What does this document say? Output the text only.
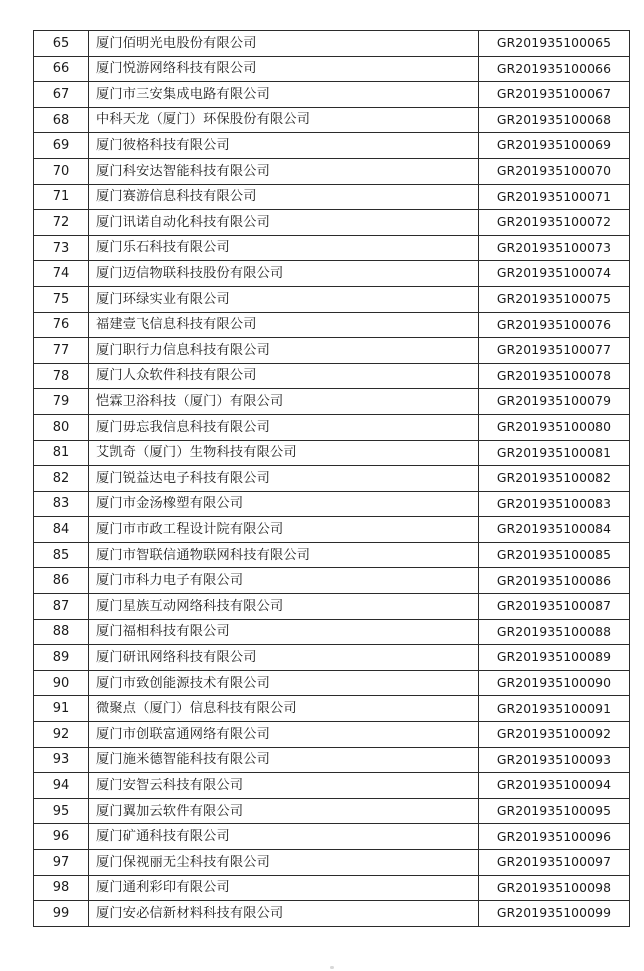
65	厦门佰明光电股份有限公司	GR201935100065
66	厦门悦游网络科技有限公司	GR201935100066
67	厦门市三安集成电路有限公司	GR201935100067
68	中科天龙（厦门）环保股份有限公司	GR201935100068
69	厦门彼格科技有限公司	GR201935100069
70	厦门科安达智能科技有限公司	GR201935100070
71	厦门赛游信息科技有限公司	GR201935100071
72	厦门讯诺自动化科技有限公司	GR201935100072
73	厦门乐石科技有限公司	GR201935100073
74	厦门迈信物联科技股份有限公司	GR201935100074
75	厦门环绿实业有限公司	GR201935100075
76	福建壹飞信息科技有限公司	GR201935100076
77	厦门职行力信息科技有限公司	GR201935100077
78	厦门人众软件科技有限公司	GR201935100078
79	恺霖卫浴科技（厦门）有限公司	GR201935100079
80	厦门毋忘我信息科技有限公司	GR201935100080
81	艾凯奇（厦门）生物科技有限公司	GR201935100081
82	厦门锐益达电子科技有限公司	GR201935100082
83	厦门市金汤橡塑有限公司	GR201935100083
84	厦门市市政工程设计院有限公司	GR201935100084
85	厦门市智联信通物联网科技有限公司	GR201935100085
86	厦门市科力电子有限公司	GR201935100086
87	厦门星族互动网络科技有限公司	GR201935100087
88	厦门福相科技有限公司	GR201935100088
89	厦门研讯网络科技有限公司	GR201935100089
90	厦门市致创能源技术有限公司	GR201935100090
91	微聚点（厦门）信息科技有限公司	GR201935100091
92	厦门市创联富通网络有限公司	GR201935100092
93	厦门施米德智能科技有限公司	GR201935100093
94	厦门安智云科技有限公司	GR201935100094
95	厦门翼加云软件有限公司	GR201935100095
96	厦门矿通科技有限公司	GR201935100096
97	厦门保视丽无尘科技有限公司	GR201935100097
98	厦门通利彩印有限公司	GR201935100098
99	厦门安必信新材料科技有限公司	GR201935100099
